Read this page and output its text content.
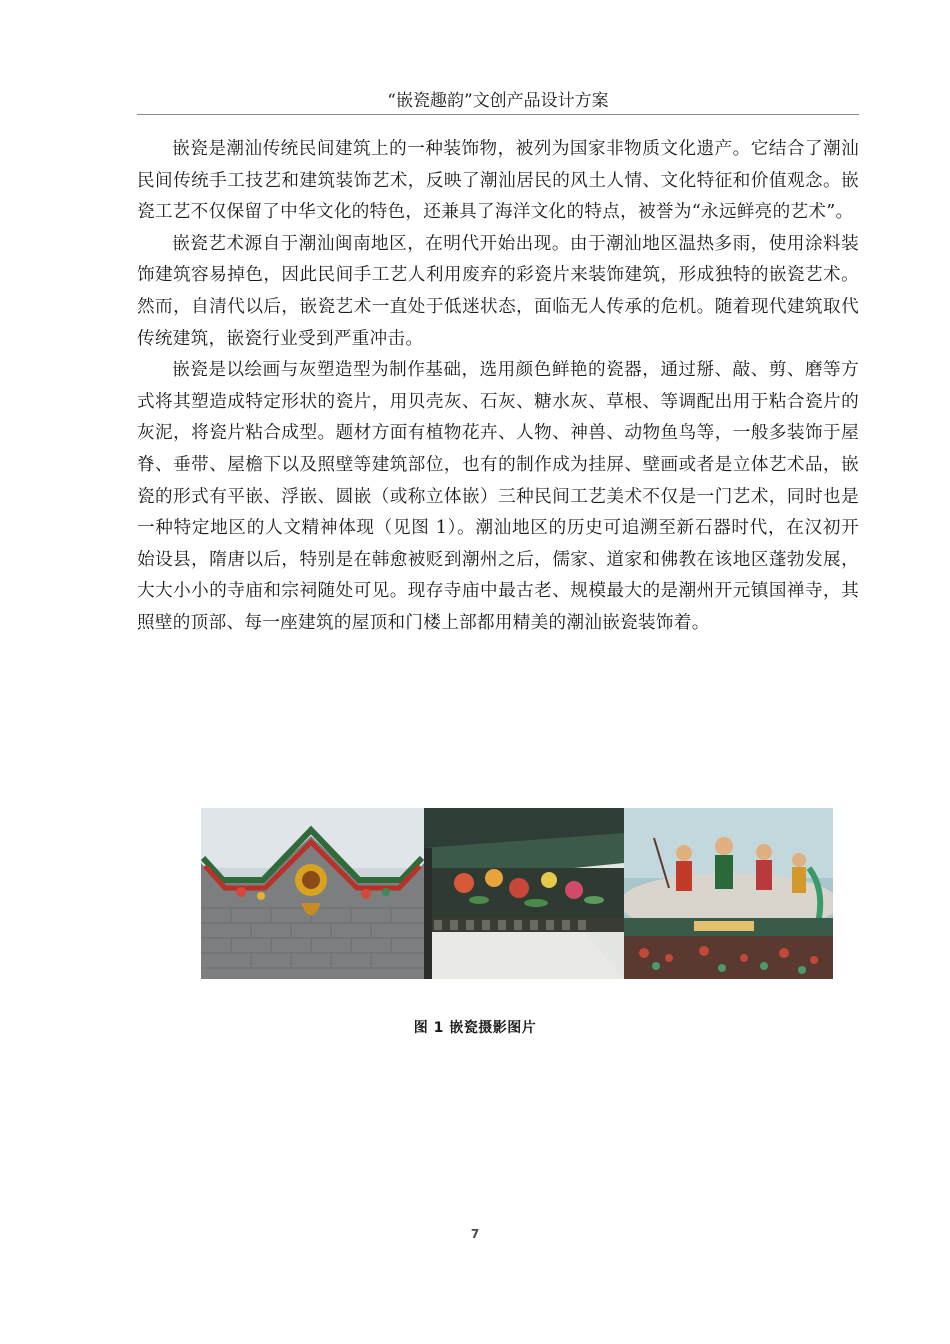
“嵌瓷趣韵”文创产品设计方案

嵌瓷是潮汕传统民间建筑上的一种装饰物，被列为国家非物质文化遗产。它结合了潮汕民间传统手工技艺和建筑装饰艺术，反映了潮汕居民的风土人情、文化特征和价值观念。嵌瓷工艺不仅保留了中华文化的特色，还兼具了海洋文化的特点，被誉为“永远鲜亮的艺术”。

嵌瓷艺术源自于潮汕闽南地区，在明代开始出现。由于潮汕地区温热多雨，使用涂料装饰建筑容易掉色，因此民间手工艺人利用废弃的彩瓷片来装饰建筑，形成独特的嵌瓷艺术。然而，自清代以后，嵌瓷艺术一直处于低迷状态，面临无人传承的危机。随着现代建筑取代传统建筑，嵌瓷行业受到严重冲击。

嵌瓷是以绘画与灰塑造型为制作基础，选用颜色鲜艳的瓷器，通过掰、敲、剪、磨等方式将其塑造成特定形状的瓷片，用贝壳灰、石灰、糖水灰、草根、等调配出用于粘合瓷片的灰泥，将瓷片粘合成型。题材方面有植物花卉、人物、神兽、动物鱼鸟等，一般多装饰于屋脊、垂带、屋檐下以及照壁等建筑部位，也有的制作成为挂屏、壁画或者是立体艺术品，嵌瓷的形式有平嵌、浮嵌、圆嵌（或称立体嵌）三种民间工艺美术不仅是一门艺术，同时也是一种特定地区的人文精神体现（见图 1）。潮汕地区的历史可追溯至新石器时代，在汉初开始设县，隋唐以后，特别是在韩愈被贬到潮州之后，儒家、道家和佛教在该地区蓬勃发展，大大小小的寺庙和宗祠随处可见。现存寺庙中最古老、规模最大的是潮州开元镇国禅寺，其照壁的顶部、每一座建筑的屋顶和门楼上部都用精美的潮汕嵌瓷装饰着。

图 1 嵌瓷摄影图片
7
